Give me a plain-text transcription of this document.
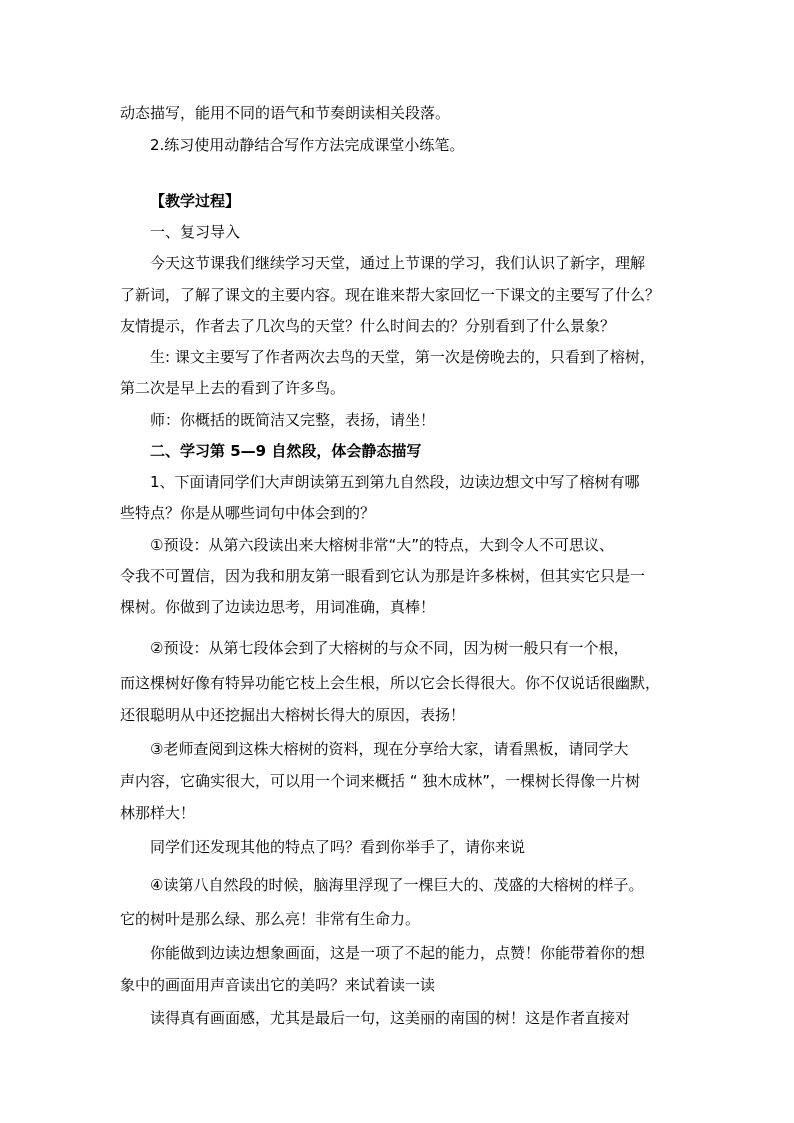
动态描写，能用不同的语气和节奏朗读相关段落。
2.练习使用动静结合写作方法完成课堂小练笔。
【教学过程】
一、复习导入
今天这节课我们继续学习天堂，通过上节课的学习，我们认识了新字，理解
了新词，了解了课文的主要内容。现在谁来帮大家回忆一下课文的主要写了什么？
友情提示，作者去了几次鸟的天堂？什么时间去的？分别看到了什么景象？
生: 课文主要写了作者两次去鸟的天堂，第一次是傍晚去的，只看到了榕树，
第二次是早上去的看到了许多鸟。
师：你概括的既简洁又完整，表扬，请坐！
二、学习第 5—9 自然段，体会静态描写
1、下面请同学们大声朗读第五到第九自然段，边读边想文中写了榕树有哪
些特点？你是从哪些词句中体会到的？
①预设：从第六段读出来大榕树非常“大”的特点，大到令人不可思议、
令我不可置信，因为我和朋友第一眼看到它认为那是许多株树，但其实它只是一
棵树。你做到了边读边思考，用词准确，真棒！
②预设：从第七段体会到了大榕树的与众不同，因为树一般只有一个根，
而这棵树好像有特异功能它枝上会生根，所以它会长得很大。你不仅说话很幽默，
还很聪明从中还挖掘出大榕树长得大的原因，表扬！
③老师查阅到这株大榕树的资料，现在分享给大家，请看黑板，请同学大
声内容，它确实很大，可以用一个词来概括 “ 独木成林”，一棵树长得像一片树
林那样大！
同学们还发现其他的特点了吗？看到你举手了，请你来说
④读第八自然段的时候，脑海里浮现了一棵巨大的、茂盛的大榕树的样子。
它的树叶是那么绿、那么亮！非常有生命力。
你能做到边读边想象画面，这是一项了不起的能力，点赞！你能带着你的想
象中的画面用声音读出它的美吗？来试着读一读
读得真有画面感，尤其是最后一句，这美丽的南国的树！这是作者直接对
